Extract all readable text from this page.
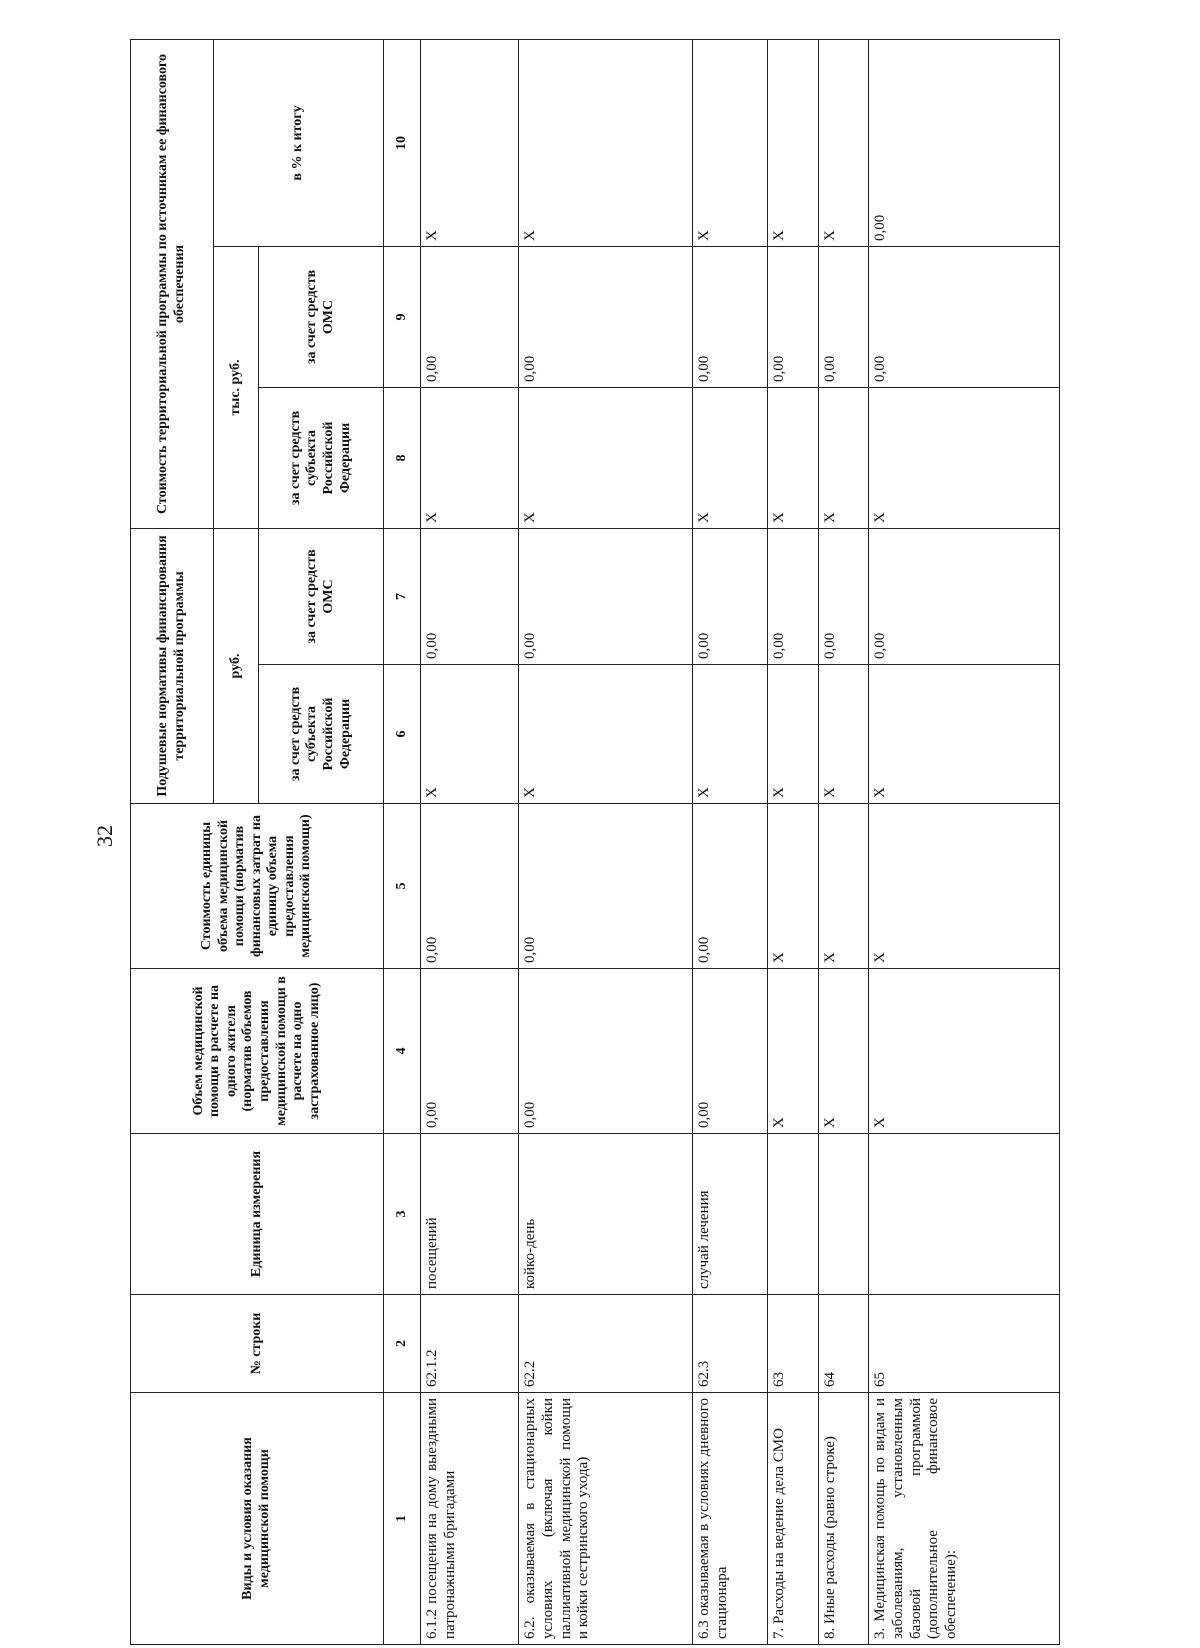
32
Виды и условия оказания медицинской помощи	№ строки	Единица измерения	Объем медицинской помощи в расчете на одного жителя (норматив объемов предоставления медицинской помощи в расчете на одно застрахованное лицо)	Стоимость единицы объема медицинской помощи (норматив финансовых затрат на единицу объема предоставления медицинской помощи)	Подушевые нормативы финансирования территориальной программы		Стоимость территориальной программы по источникам ее финансового обеспечения		
					руб.		тыс. руб.		в % к итогу
					за счет средств субъекта Российской Федерации	за счет средств ОМС	за счет средств субъекта Российской Федерации	за счет средств ОМС	
1	2	3	4	5	6	7	8	9	10
6.1.2 посещения на дому выездными патронажными бригадами	62.1.2	посещений	0,00	0,00	X	0,00	X	0,00	X
6.2. оказываемая в стационарных условиях (включая койки паллиативной медицинской помощи и койки сестринского ухода)	62.2	койко-день	0,00	0,00	X	0,00	X	0,00	X
6.3 оказываемая в условиях дневного стационара	62.3	случай лечения	0,00	0,00	X	0,00	X	0,00	X
7. Расходы на ведение дела СМО	63		X	X	X	0,00	X	0,00	X
8. Иные расходы (равно строке)	64		X	X	X	0,00	X	0,00	X
3. Медицинская помощь по видам и заболеваниям, установленным базовой программой (дополнительное финансовое обеспечение):	65		X	X	X	0,00	X	0,00	0,00
